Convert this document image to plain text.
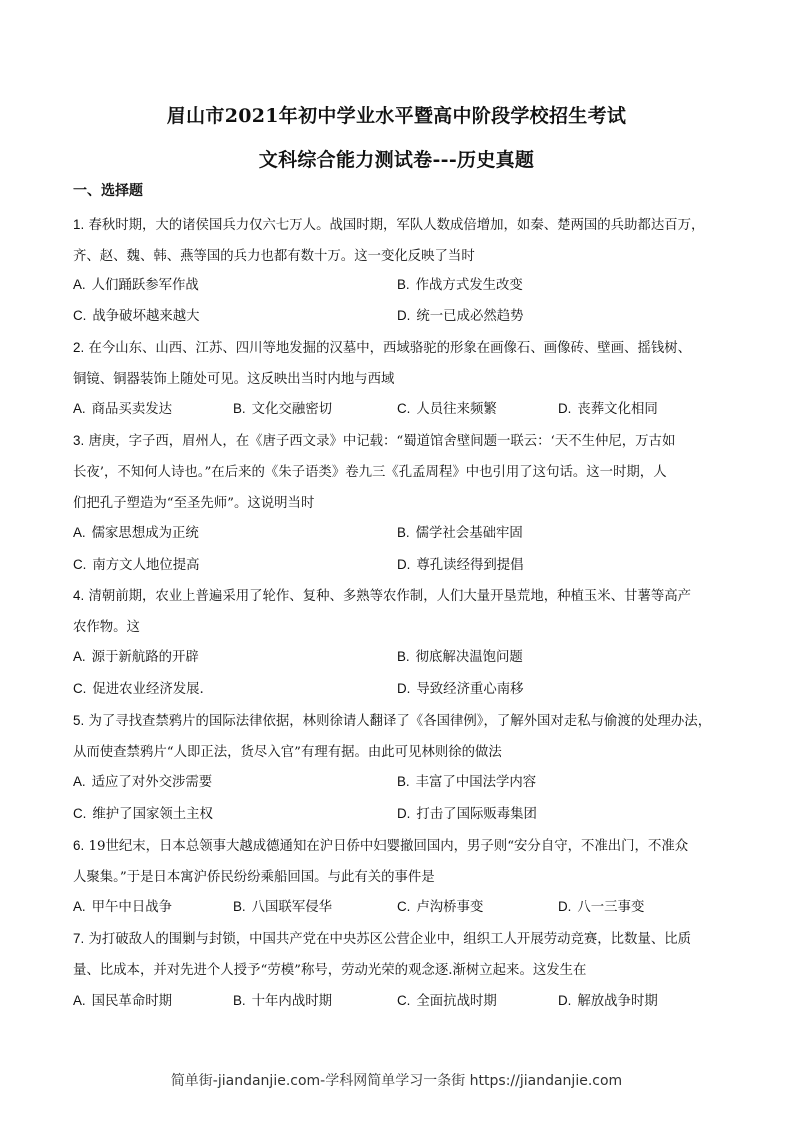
眉山市2021年初中学业水平暨高中阶段学校招生考试
文科综合能力测试卷---历史真题
一、选择题
1. 春秋时期，大的诸侯国兵力仅六七万人。战国时期，军队人数成倍增加，如秦、楚两国的兵助都达百万，
齐、赵、魏、韩、燕等国的兵力也都有数十万。这一变化反映了当时
A. 人们踊跃参军作战	B. 作战方式发生改变
C. 战争破坏越来越大	D. 统一已成必然趋势
2. 在今山东、山西、江苏、四川等地发掘的汉墓中，西域骆驼的形象在画像石、画像砖、壁画、摇钱树、
铜镜、铜器装饰上随处可见。这反映出当时内地与西域
A. 商品买卖发达	B. 文化交融密切	C. 人员往来频繁	D. 丧葬文化相同
3. 唐庚，字子西，眉州人，在《唐子西文录》中记载：“蜀道馆舍壁间题一联云：‘天不生仲尼，万古如
长夜’，不知何人诗也。”在后来的《朱子语类》卷九三《孔孟周程》中也引用了这句话。这一时期，人
们把孔子塑造为“至圣先师”。这说明当时
A. 儒家思想成为正统	B. 儒学社会基础牢固
C. 南方文人地位提高	D. 尊孔读经得到提倡
4. 清朝前期，农业上普遍采用了轮作、复种、多熟等农作制，人们大量开垦荒地，种植玉米、甘薯等高产
农作物。这
A. 源于新航路的开辟	B. 彻底解决温饱问题
C. 促进农业经济发展.	D. 导致经济重心南移
5. 为了寻找查禁鸦片的国际法律依据，林则徐请人翻译了《各国律例》，了解外国对走私与偷渡的处理办法，
从而使查禁鸦片“人即正法，货尽入官”有理有据。由此可见林则徐的做法
A. 适应了对外交涉需要	B. 丰富了中国法学内容
C. 维护了国家领土主权	D. 打击了国际贩毒集团
6. 19世纪末，日本总领事大越成德通知在沪日侨中妇婴撤回国内，男子则“安分自守，不准出门，不准众
人聚集。”于是日本寓沪侨民纷纷乘船回国。与此有关的事件是
A. 甲午中日战争	B. 八国联军侵华	C. 卢沟桥事变	D. 八一三事变
7. 为打破敌人的围剿与封锁，中国共产党在中央苏区公营企业中，组织工人开展劳动竞赛，比数量、比质
量、比成本，并对先进个人授予“劳模”称号，劳动光荣的观念逐.渐树立起来。这发生在
A. 国民革命时期	B. 十年内战时期	C. 全面抗战时期	D. 解放战争时期
简单街-jiandanjie.com-学科网简单学习一条街 https://jiandanjie.com
